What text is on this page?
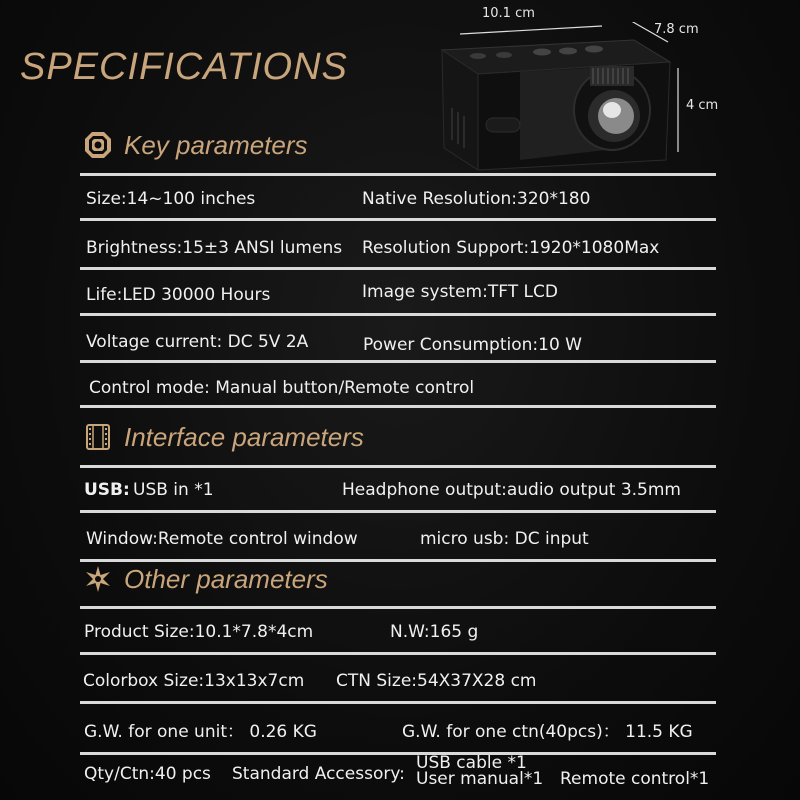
SPECIFICATIONS
10.1 cm
7.8 cm
4 cm
Key parameters
Size:14~100 inches	Native Resolution:320*180
Brightness:15±3 ANSI lumens Resolution Support:1920*1080Max
Life:LED 30000 Hours	Image system:TFT LCD
Voltage current: DC 5V 2A	Power Consumption:10 W
Control mode: Manual button/Remote control
Interface parameters
USB: USB in *1	Headphone output:audio output 3.5mm
Window:Remote control window	micro usb: DC input
Other parameters
Product Size:10.1*7.8*4cm	N.W:165 g
Colorbox Size:13x13x7cm CTN Size:54X37X28 cm
G.W. for one unit： 0.26 KG	G.W. for one ctn(40pcs)： 11.5 KG
Qty/Ctn:40 pcs Standard Accessory:
USB cable *1
User manual*1 Remote control*1
